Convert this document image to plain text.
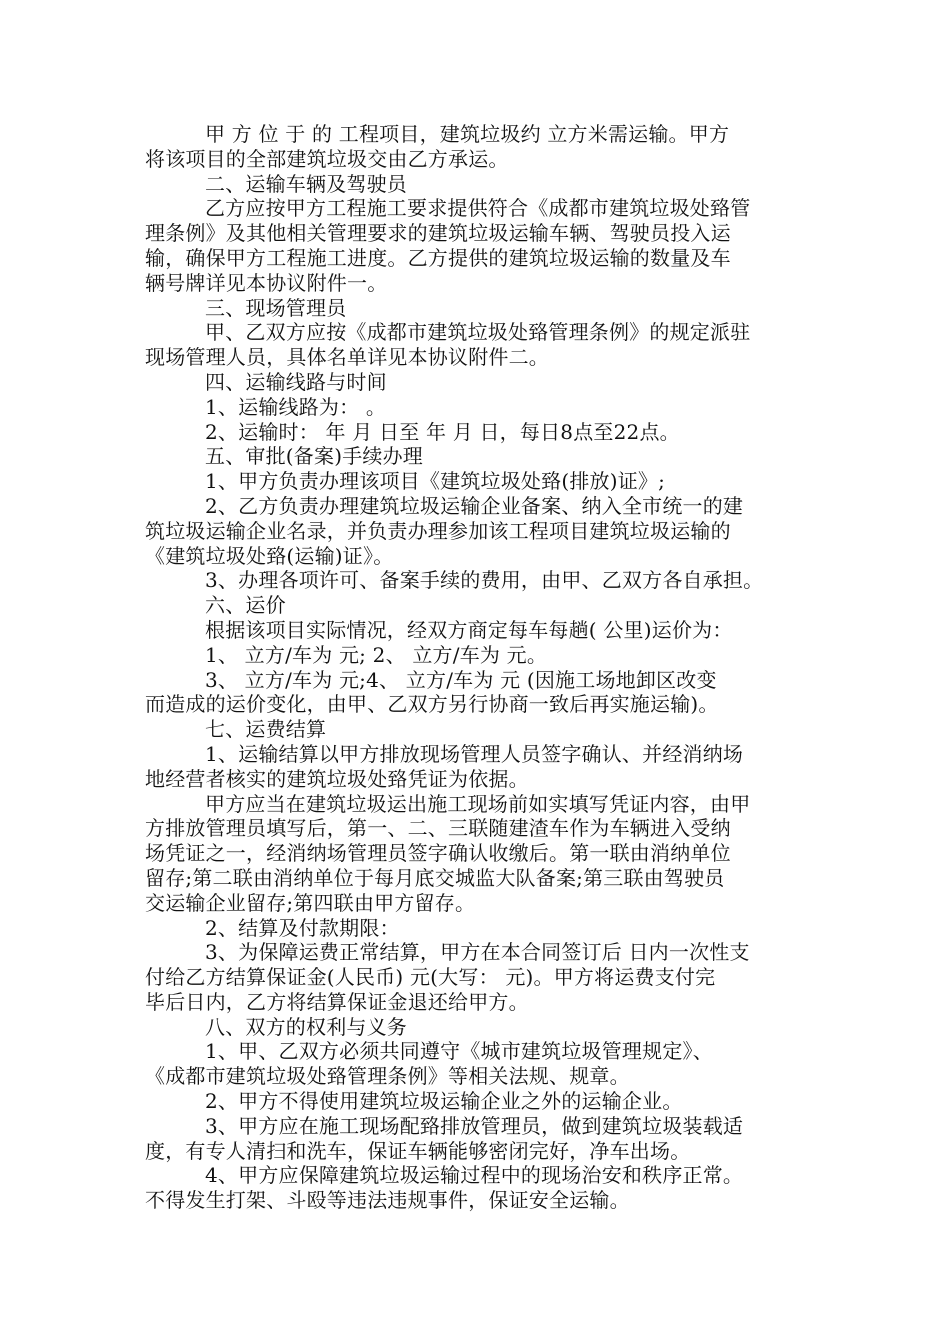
甲 方 位 于 的 工程项目，建筑垃圾约 立方米需运输。甲方
将该项目的全部建筑垃圾交由乙方承运。
二、运输车辆及驾驶员
乙方应按甲方工程施工要求提供符合《成都市建筑垃圾处臵管
理条例》及其他相关管理要求的建筑垃圾运输车辆、驾驶员投入运
输，确保甲方工程施工进度。乙方提供的建筑垃圾运输的数量及车
辆号牌详见本协议附件一。
三、现场管理员
甲、乙双方应按《成都市建筑垃圾处臵管理条例》的规定派驻
现场管理人员，具体名单详见本协议附件二。
四、运输线路与时间
1、运输线路为： 。
2、运输时： 年 月 日至 年 月 日，每日8点至22点。
五、审批(备案)手续办理
1、甲方负责办理该项目《建筑垃圾处臵(排放)证》;
2、乙方负责办理建筑垃圾运输企业备案、纳入全市统一的建
筑垃圾运输企业名录，并负责办理参加该工程项目建筑垃圾运输的
《建筑垃圾处臵(运输)证》。
3、办理各项许可、备案手续的费用，由甲、乙双方各自承担。
六、运价
根据该项目实际情况，经双方商定每车每趟( 公里)运价为：
1、 立方/车为 元; 2、 立方/车为 元。
3、 立方/车为 元;4、 立方/车为 元 (因施工场地卸区改变
而造成的运价变化，由甲、乙双方另行协商一致后再实施运输)。
七、运费结算
1、运输结算以甲方排放现场管理人员签字确认、并经消纳场
地经营者核实的建筑垃圾处臵凭证为依据。
甲方应当在建筑垃圾运出施工现场前如实填写凭证内容，由甲
方排放管理员填写后，第一、二、三联随建渣车作为车辆进入受纳
场凭证之一，经消纳场管理员签字确认收缴后。第一联由消纳单位
留存;第二联由消纳单位于每月底交城监大队备案;第三联由驾驶员
交运输企业留存;第四联由甲方留存。
2、结算及付款期限：
3、为保障运费正常结算，甲方在本合同签订后 日内一次性支
付给乙方结算保证金(人民币) 元(大写： 元)。甲方将运费支付完
毕后日内，乙方将结算保证金退还给甲方。
八、双方的权利与义务
1、甲、乙双方必须共同遵守《城市建筑垃圾管理规定》、
《成都市建筑垃圾处臵管理条例》等相关法规、规章。
2、甲方不得使用建筑垃圾运输企业之外的运输企业。
3、甲方应在施工现场配臵排放管理员，做到建筑垃圾装载适
度，有专人清扫和洗车，保证车辆能够密闭完好，净车出场。
4、甲方应保障建筑垃圾运输过程中的现场治安和秩序正常。
不得发生打架、斗殴等违法违规事件，保证安全运输。
